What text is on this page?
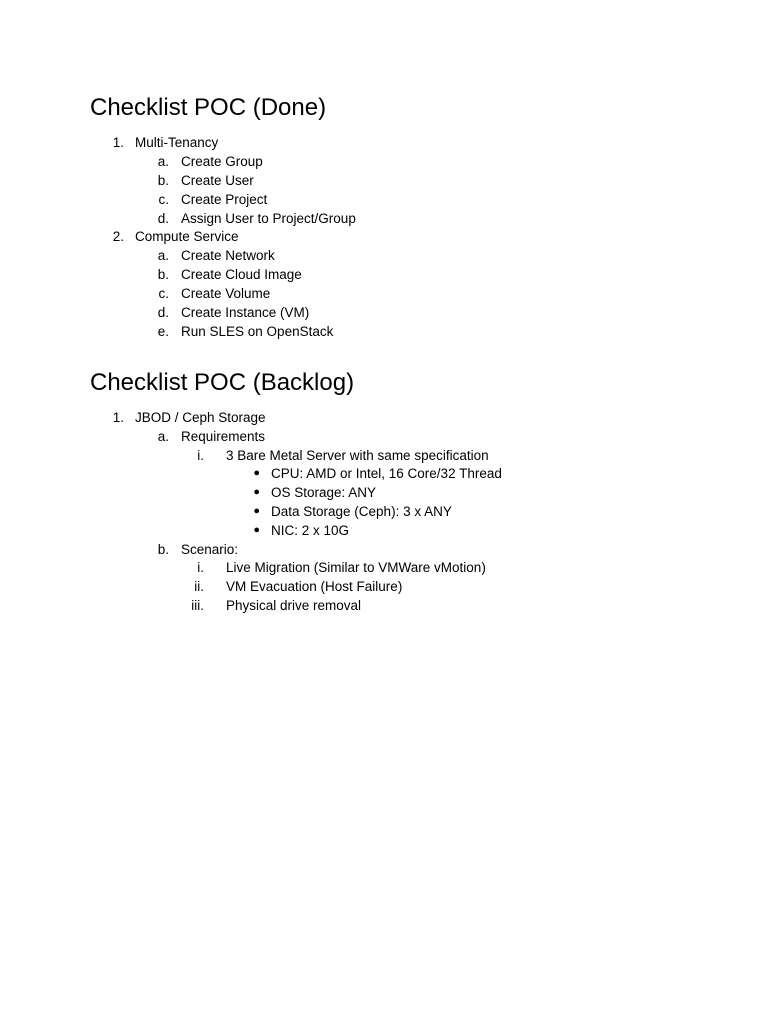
Checklist POC (Done)
1. Multi-Tenancy
a. Create Group
b. Create User
c. Create Project
d. Assign User to Project/Group
2. Compute Service
a. Create Network
b. Create Cloud Image
c. Create Volume
d. Create Instance (VM)
e. Run SLES on OpenStack
Checklist POC (Backlog)
1. JBOD / Ceph Storage
a. Requirements
i. 3 Bare Metal Server with same specification
● CPU: AMD or Intel, 16 Core/32 Thread
● OS Storage: ANY
● Data Storage (Ceph): 3 x ANY
● NIC: 2 x 10G
b. Scenario:
i. Live Migration (Similar to VMWare vMotion)
ii. VM Evacuation (Host Failure)
iii. Physical drive removal
